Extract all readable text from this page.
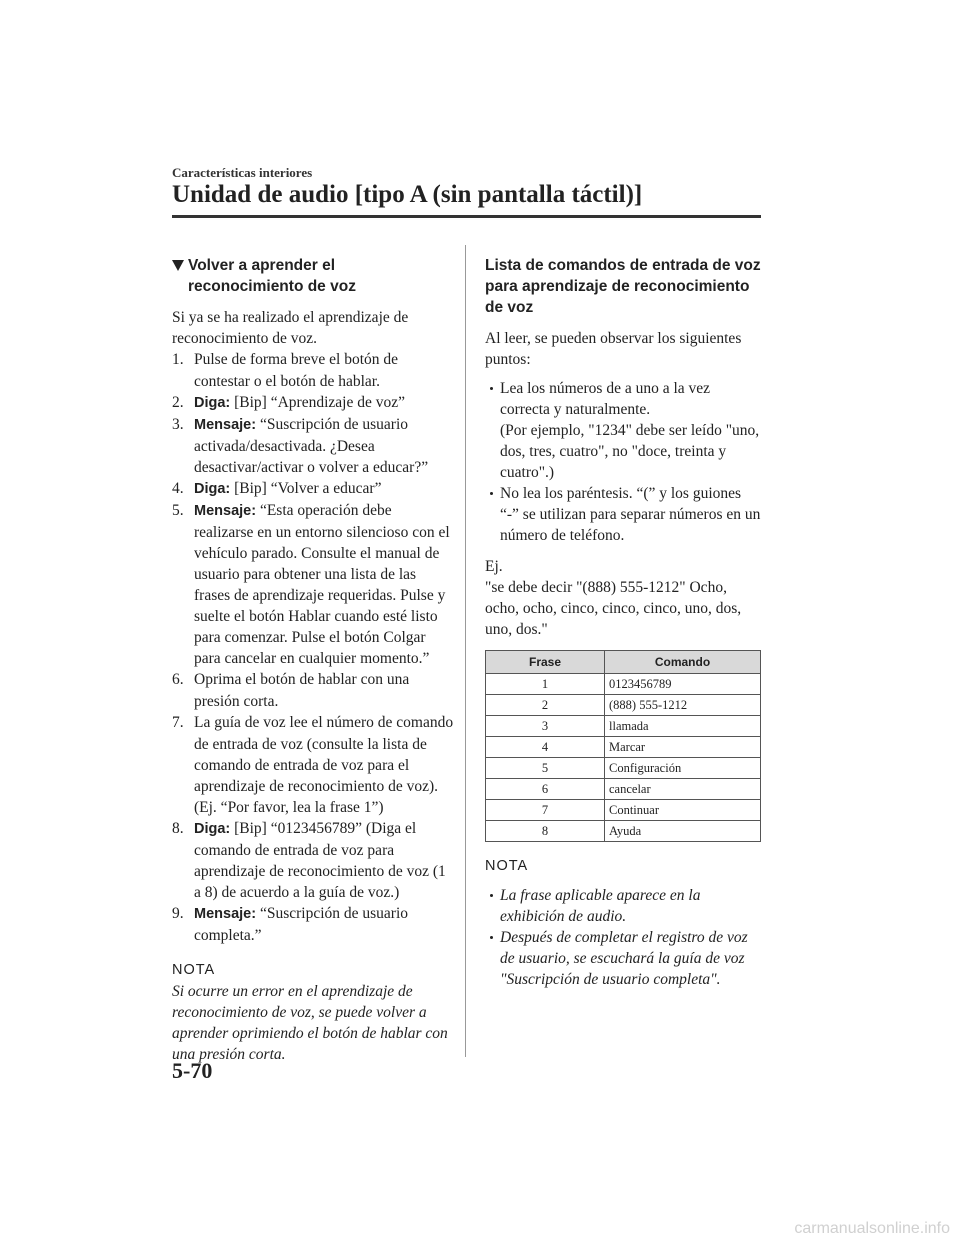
Características interiores
Unidad de audio [tipo A (sin pantalla táctil)]
Volver a aprender el reconocimiento de voz

Si ya se ha realizado el aprendizaje de reconocimiento de voz.

1. Pulse de forma breve el botón de contestar o el botón de hablar.
2. Diga: [Bip] “Aprendizaje de voz”
3. Mensaje: “Suscripción de usuario activada/desactivada. ¿Desea desactivar/activar o volver a educar?”
4. Diga: [Bip] “Volver a educar”
5. Mensaje: “Esta operación debe realizarse en un entorno silencioso con el vehículo parado. Consulte el manual de usuario para obtener una lista de las frases de aprendizaje requeridas. Pulse y suelte el botón Hablar cuando esté listo para comenzar. Pulse el botón Colgar para cancelar en cualquier momento.”
6. Oprima el botón de hablar con una presión corta.
7. La guía de voz lee el número de comando de entrada de voz (consulte la lista de comando de entrada de voz para el aprendizaje de reconocimiento de voz). (Ej. “Por favor, lea la frase 1”)
8. Diga: [Bip] “0123456789” (Diga el comando de entrada de voz para aprendizaje de reconocimiento de voz (1 a 8) de acuerdo a la guía de voz.)
9. Mensaje: “Suscripción de usuario completa.”
NOTA

Si ocurre un error en el aprendizaje de reconocimiento de voz, se puede volver a aprender oprimiendo el botón de hablar con una presión corta.

Lista de comandos de entrada de voz para aprendizaje de reconocimiento de voz

Al leer, se pueden observar los siguientes puntos:

Lea los números de a uno a la vez correcta y naturalmente.
(Por ejemplo, "1234" debe ser leído "uno, dos, tres, cuatro", no "doce, treinta y cuatro".)
No lea los paréntesis. “(” y los guiones “-” se utilizan para separar números en un número de teléfono.

Ej.

"se debe decir "(888) 555-1212" Ocho, ocho, ocho, cinco, cinco, cinco, uno, dos, uno, dos."

Frase	Comando
1	0123456789
2	(888) 555-1212
3	llamada
4	Marcar
5	Configuración
6	cancelar
7	Continuar
8	Ayuda
NOTA
La frase aplicable aparece en la exhibición de audio.
Después de completar el registro de voz de usuario, se escuchará la guía de voz "Suscripción de usuario completa".
5-70
carmanualsonline.info
